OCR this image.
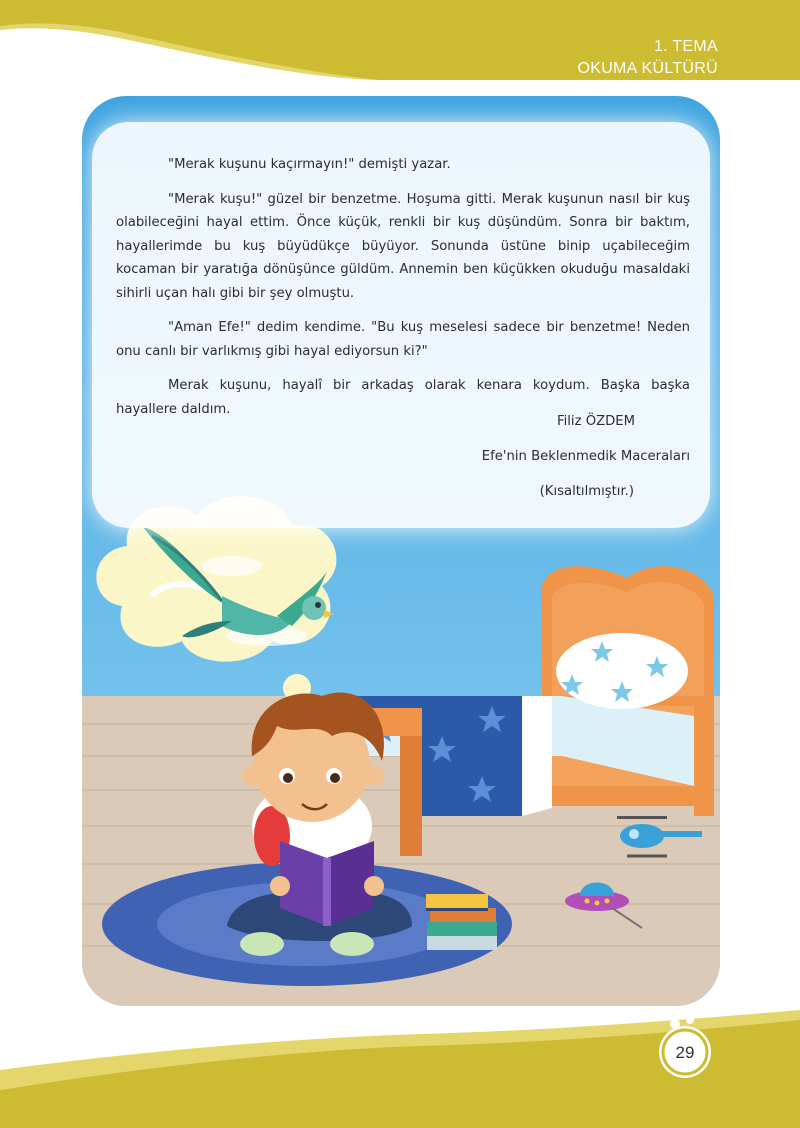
1. TEMA
OKUMA KÜLTÜRÜ

"Merak kuşunu kaçırmayın!" demişti yazar.

"Merak kuşu!" güzel bir benzetme. Hoşuma gitti. Merak kuşunun nasıl bir kuş olabileceğini hayal ettim. Önce küçük, renkli bir kuş düşündüm. Sonra bir baktım, hayallerimde bu kuş büyüdükçe büyüyor. Sonunda üstüne binip uçabileceğim kocaman bir yaratığa dönüşünce güldüm. Annemin ben küçükken okuduğu masaldaki sihirli uçan halı gibi bir şey olmuştu.

"Aman Efe!" dedim kendime. "Bu kuş meselesi sadece bir benzetme! Neden onu canlı bir varlıkmış gibi hayal ediyorsun ki?"

Merak kuşunu, hayalî bir arkadaş olarak kenara koydum. Başka başka hayallere daldım.

Filiz ÖZDEM
Efe'nin Beklenmedik Maceraları
(Kısaltılmıştır.)
29
